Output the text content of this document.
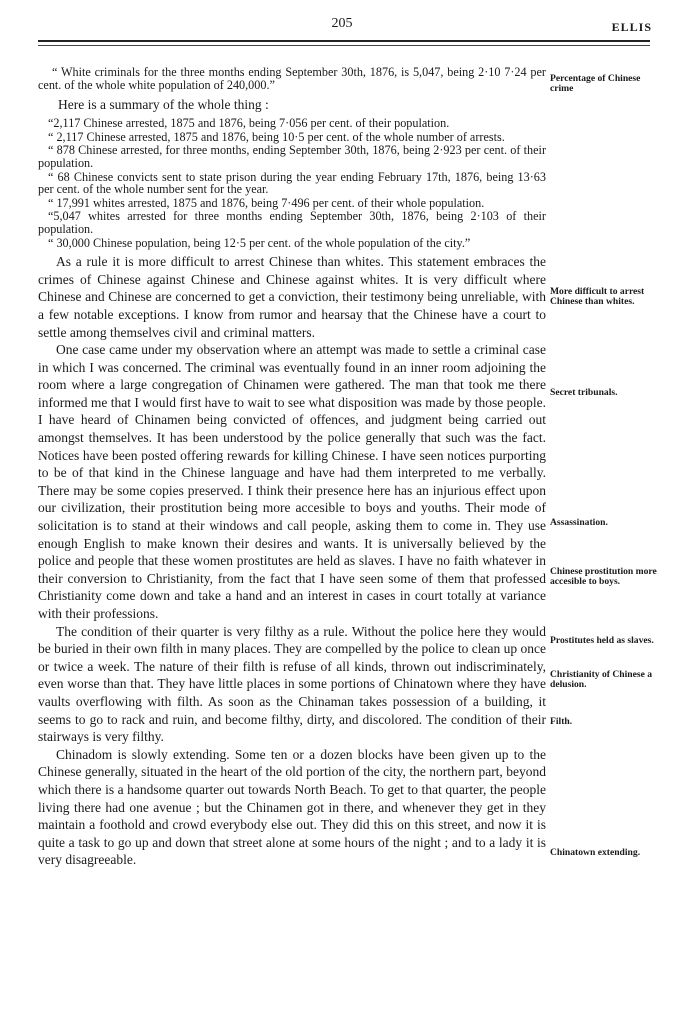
205	ELLIS

“ White criminals for the three months ending September 30th, 1876, is 5,047, being 2·10 7·24 per cent. of the whole white population of 240,000.”

Here is a summary of the whole thing :

“2,117 Chinese arrested, 1875 and 1876, being 7·056 per cent. of their population.

“ 2,117 Chinese arrested, 1875 and 1876, being 10·5 per cent. of the whole number of arrests.

“ 878 Chinese arrested, for three months, ending September 30th, 1876, being 2·923 per cent. of their population.

“ 68 Chinese convicts sent to state prison during the year ending February 17th, 1876, being 13·63 per cent. of the whole number sent for the year.

“ 17,991 whites arrested, 1875 and 1876, being 7·496 per cent. of their whole population.

“5,047 whites arrested for three months ending September 30th, 1876, being 2·103 of their population.

“ 30,000 Chinese population, being 12·5 per cent. of the whole population of the city.”

As a rule it is more difficult to arrest Chinese than whites. This statement embraces the crimes of Chinese against Chinese and Chinese against whites. It is very difficult where Chinese and Chinese are concerned to get a conviction, their testimony being unreliable, with a few notable exceptions. I know from rumor and hearsay that the Chinese have a court to settle among themselves civil and criminal matters.

One case came under my observation where an attempt was made to settle a criminal case in which I was concerned. The criminal was eventually found in an inner room adjoining the room where a large congregation of Chinamen were gathered. The man that took me there informed me that I would first have to wait to see what disposition was made by those people. I have heard of Chinamen being convicted of offences, and judgment being carried out amongst themselves. It has been understood by the police generally that such was the fact. Notices have been posted offering rewards for killing Chinese. I have seen notices purporting to be of that kind in the Chinese language and have had them interpreted to me verbally. There may be some copies preserved. I think their presence here has an injurious effect upon our civilization, their prostitution being more accesible to boys and youths. Their mode of solicitation is to stand at their windows and call people, asking them to come in. They use enough English to make known their desires and wants. It is universally believed by the police and people that these women prostitutes are held as slaves. I have no faith whatever in their conversion to Christianity, from the fact that I have seen some of them that professed Christianity come down and take a hand and an interest in cases in court totally at variance with their professions.

The condition of their quarter is very filthy as a rule. Without the police here they would be buried in their own filth in many places. They are compelled by the police to clean up once or twice a week. The nature of their filth is refuse of all kinds, thrown out indiscriminately, even worse than that. They have little places in some portions of Chinatown where they have vaults overflowing with filth. As soon as the Chinaman takes possession of a building, it seems to go to rack and ruin, and become filthy, dirty, and discolored. The condition of their stairways is very filthy.

Chinadom is slowly extending. Some ten or a dozen blocks have been given up to the Chinese generally, situated in the heart of the old portion of the city, the northern part, beyond which there is a handsome quarter out towards North Beach. To get to that quarter, the people living there had one avenue ; but the Chinamen got in there, and whenever they get in they maintain a foothold and crowd everybody else out. They did this on this street, and now it is quite a task to go up and down that street alone at some hours of the night ; and to a lady it is very disagreeable.

Percentage of Chinese crime
More difficult to arrest Chinese than whites.
Secret tribunals.
Assassination.
Chinese prostitution more accesible to boys.
Prostitutes held as slaves.
Christianity of Chinese a delusion.
Filth.
Chinatown extending.
